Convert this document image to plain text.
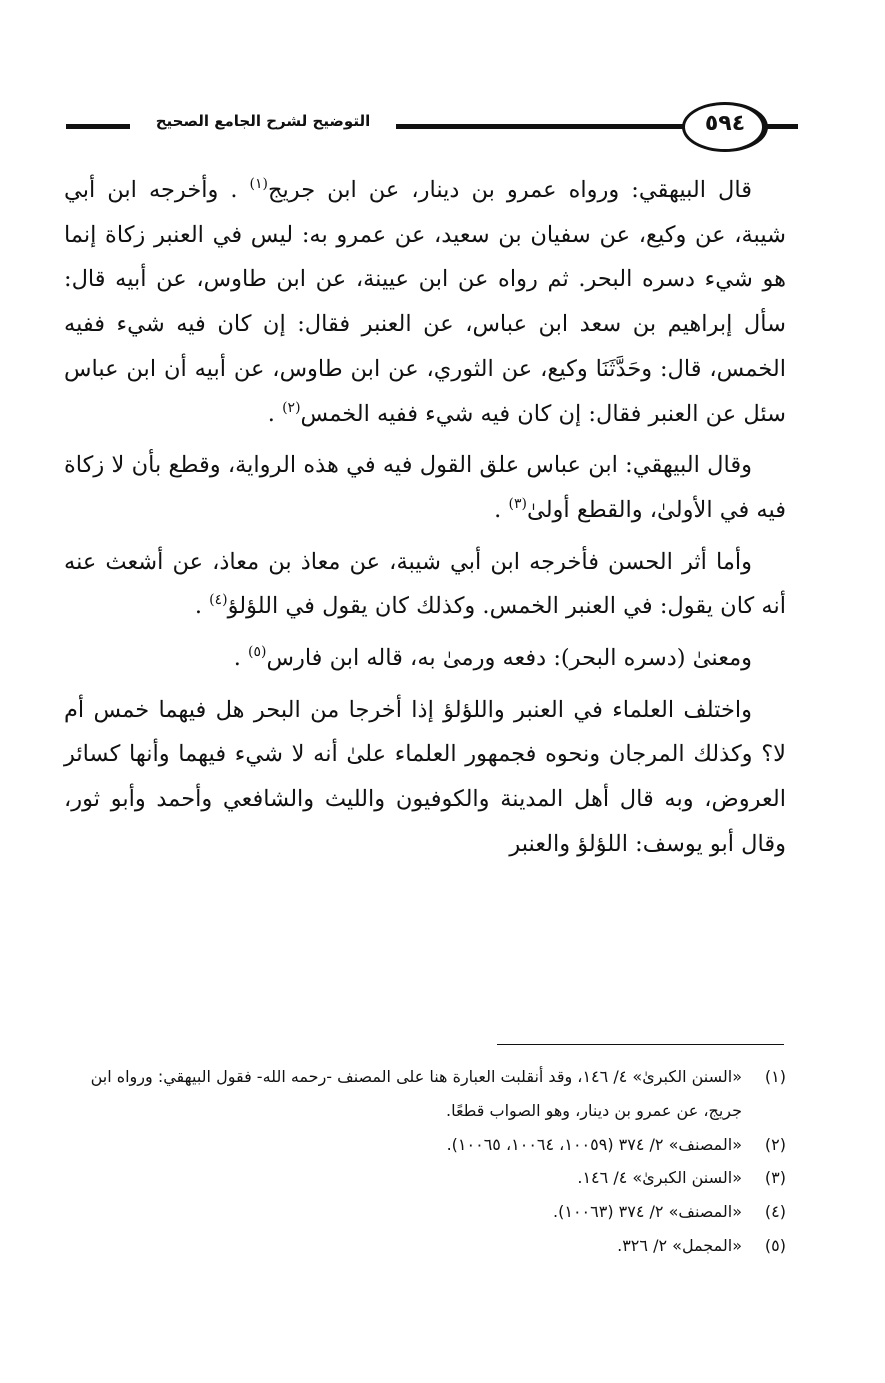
التوضيح لشرح الجامع الصحيح	٥٩٤

قال البيهقي: ورواه عمرو بن دينار، عن ابن جريج$^{(١)}$ . وأخرجه ابن أبي شيبة، عن وكيع، عن سفيان بن سعيد، عن عمرو به: ليس في العنبر زكاة إنما هو شيء دسره البحر. ثم رواه عن ابن عيينة، عن ابن طاوس، عن أبيه قال: سأل إبراهيم بن سعد ابن عباس، عن العنبر فقال: إن كان فيه شيء ففيه الخمس، قال: وحَدَّثَنَا وكيع، عن الثوري، عن ابن طاوس، عن أبيه أن ابن عباس سئل عن العنبر فقال: إن كان فيه شيء ففيه الخمس$^{(٢)}$ .

وقال البيهقي: ابن عباس علق القول فيه في هذه الرواية، وقطع بأن لا زكاة فيه في الأولىٰ، والقطع أولىٰ$^{(٣)}$ .

وأما أثر الحسن فأخرجه ابن أبي شيبة، عن معاذ بن معاذ، عن أشعث عنه أنه كان يقول: في العنبر الخمس. وكذلك كان يقول في اللؤلؤ$^{(٤)}$ .

ومعنىٰ (دسره البحر): دفعه ورمىٰ به، قاله ابن فارس$^{(٥)}$ .

واختلف العلماء في العنبر واللؤلؤ إذا أخرجا من البحر هل فيهما خمس أم لا؟ وكذلك المرجان ونحوه فجمهور العلماء علىٰ أنه لا شيء فيهما وأنها كسائر العروض، وبه قال أهل المدينة والكوفيون والليث والشافعي وأحمد وأبو ثور، وقال أبو يوسف: اللؤلؤ والعنبر

(١)
«السنن الكبرىٰ» ٤/ ١٤٦، وقد أنقلبت العبارة هنا على المصنف -رحمه الله- فقول البيهقي: ورواه ابن جريج، عن عمرو بن دينار، وهو الصواب قطعًا.
(٢)
«المصنف» ٢/ ٣٧٤ (١٠٠٥٩، ١٠٠٦٤، ١٠٠٦٥).
(٣)
«السنن الكبرىٰ» ٤/ ١٤٦.
(٤)
«المصنف» ٢/ ٣٧٤ (١٠٠٦٣).
(٥)
«المجمل» ٢/ ٣٢٦.
